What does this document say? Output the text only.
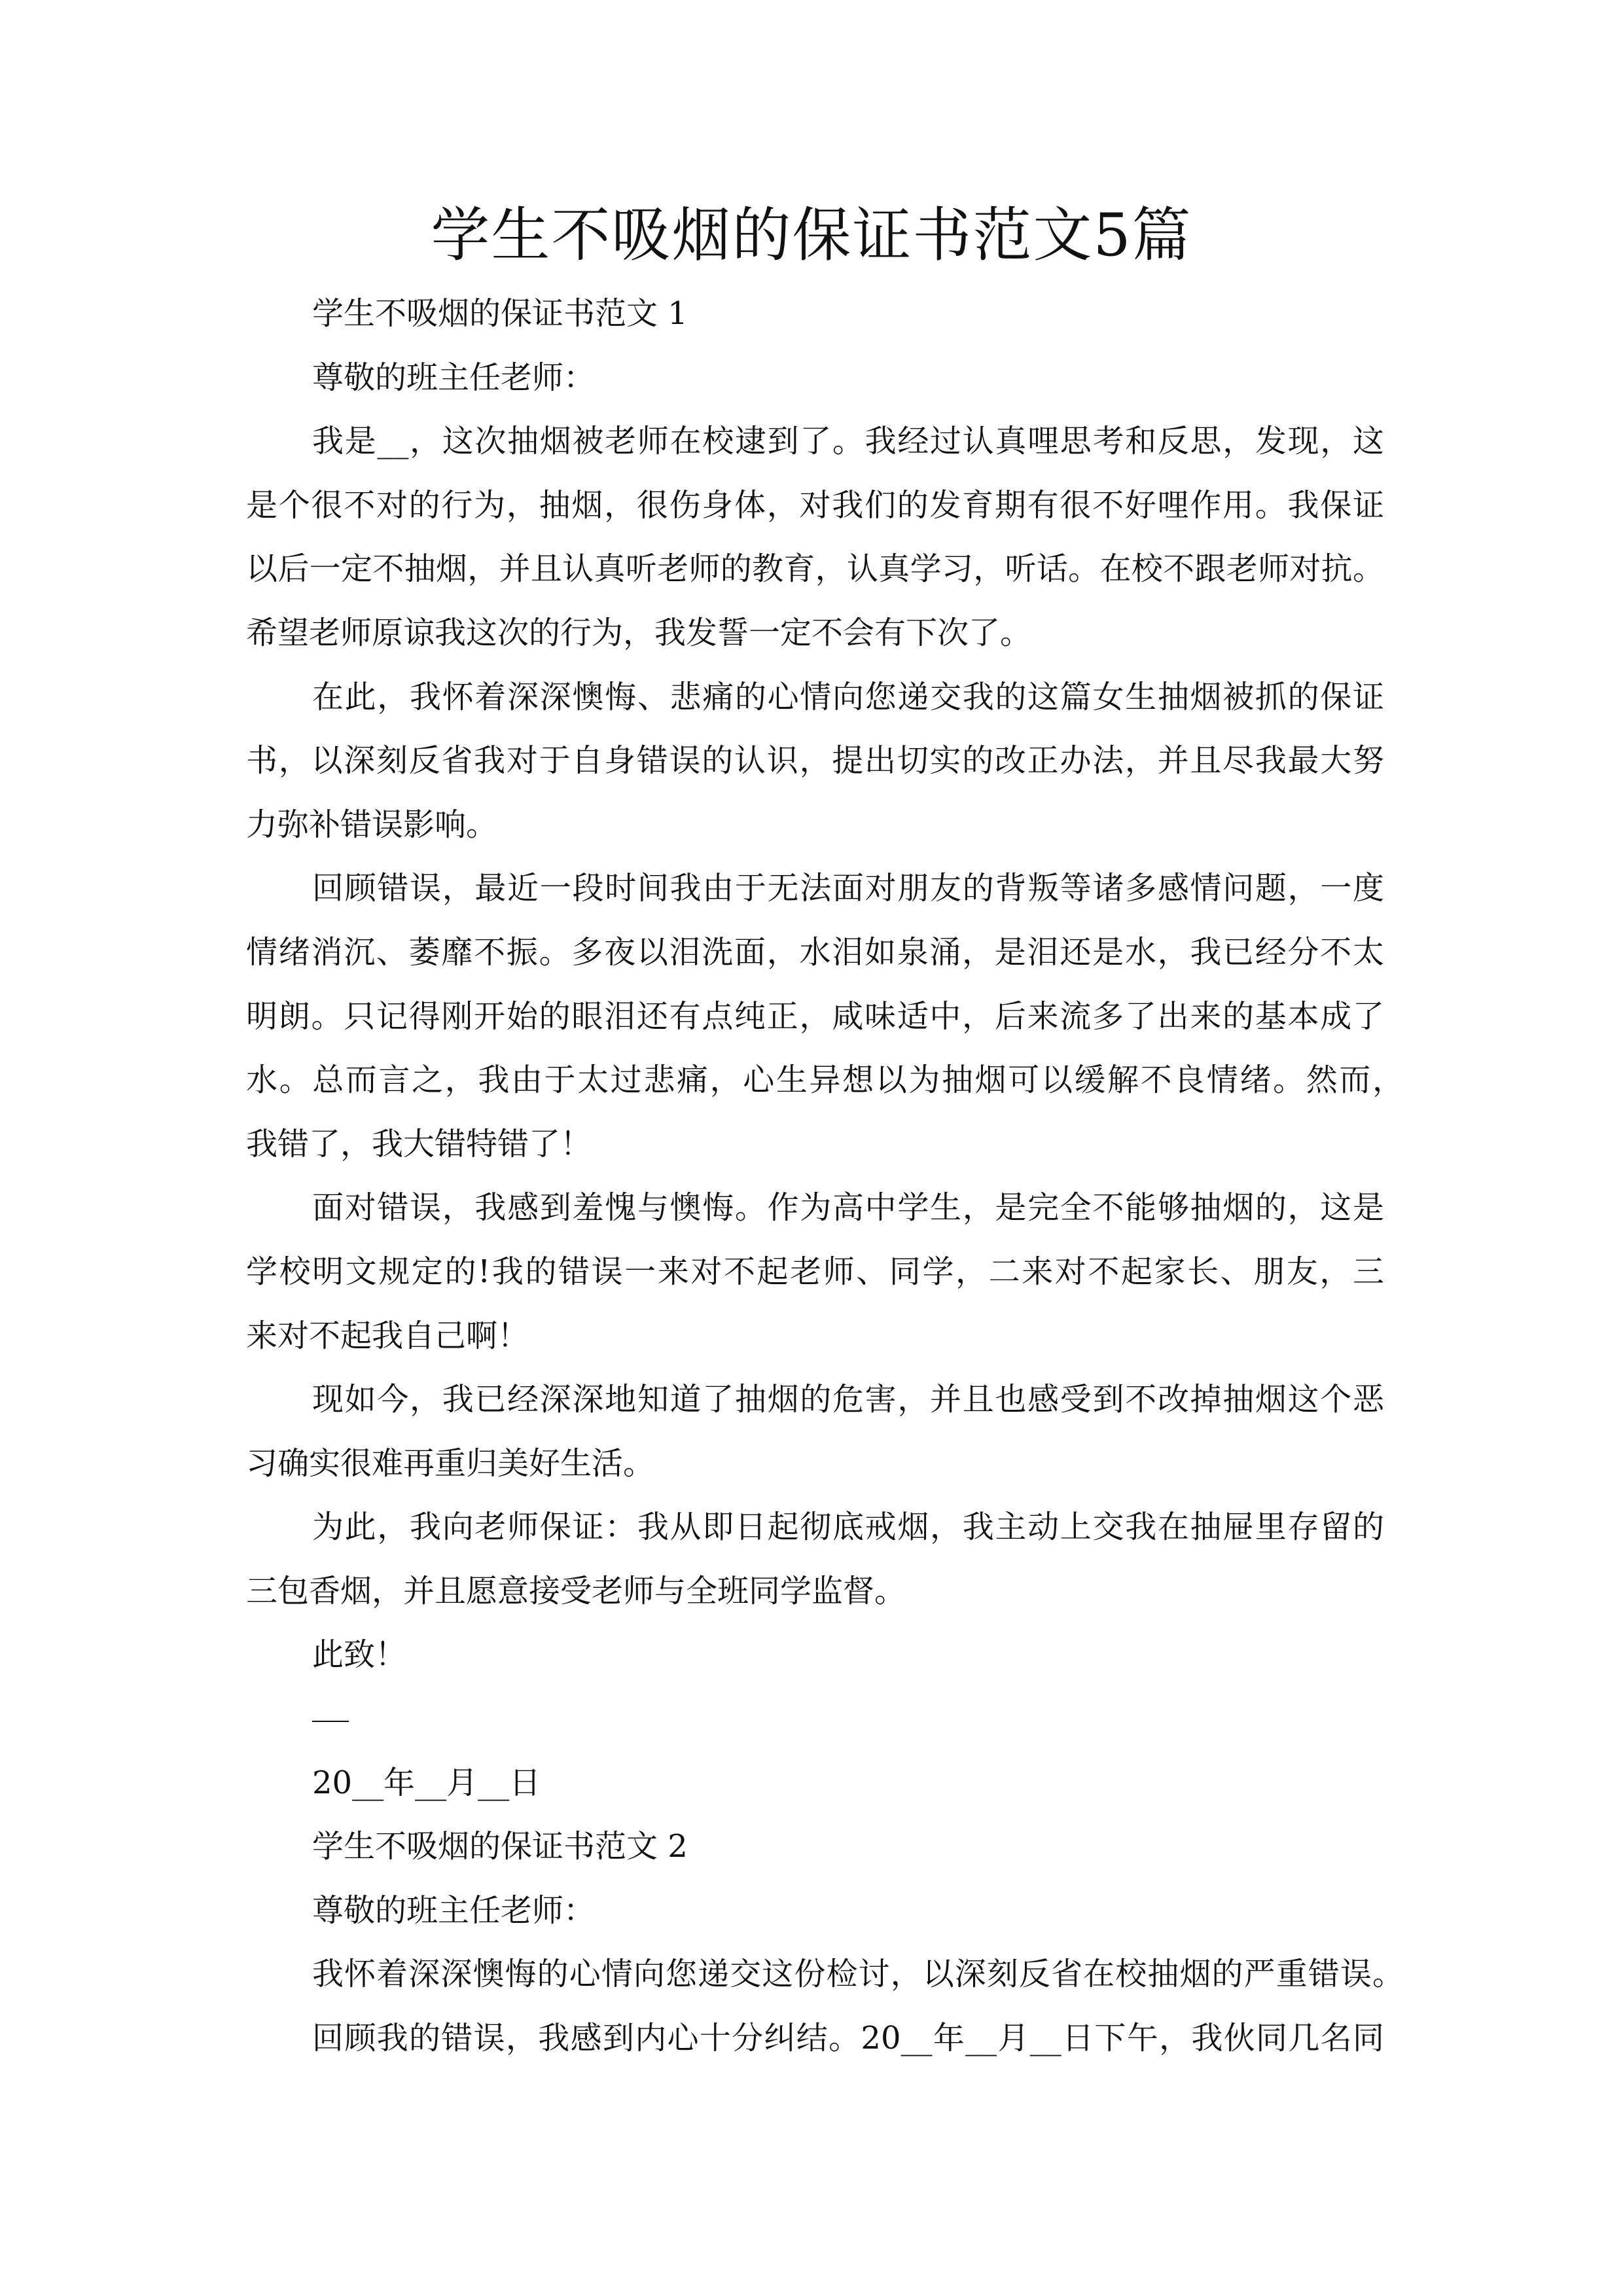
学生不吸烟的保证书范文5篇
学生不吸烟的保证书范文 1
尊敬的班主任老师：
我是__，这次抽烟被老师在校逮到了。我经过认真哩思考和反思，发现，这
是个很不对的行为，抽烟，很伤身体，对我们的发育期有很不好哩作用。我保证
以后一定不抽烟，并且认真听老师的教育，认真学习，听话。在校不跟老师对抗。
希望老师原谅我这次的行为，我发誓一定不会有下次了。
在此，我怀着深深懊悔、悲痛的心情向您递交我的这篇女生抽烟被抓的保证
书，以深刻反省我对于自身错误的认识，提出切实的改正办法，并且尽我最大努
力弥补错误影响。
回顾错误，最近一段时间我由于无法面对朋友的背叛等诸多感情问题，一度
情绪消沉、萎靡不振。多夜以泪洗面，水泪如泉涌，是泪还是水，我已经分不太
明朗。只记得刚开始的眼泪还有点纯正，咸味适中，后来流多了出来的基本成了
水。总而言之，我由于太过悲痛，心生异想以为抽烟可以缓解不良情绪。然而，
我错了，我大错特错了！
面对错误，我感到羞愧与懊悔。作为高中学生，是完全不能够抽烟的，这是
学校明文规定的!我的错误一来对不起老师、同学，二来对不起家长、朋友，三
来对不起我自己啊！
现如今，我已经深深地知道了抽烟的危害，并且也感受到不改掉抽烟这个恶
习确实很难再重归美好生活。
为此，我向老师保证：我从即日起彻底戒烟，我主动上交我在抽屉里存留的
三包香烟，并且愿意接受老师与全班同学监督。
此致！
20__年__月__日
学生不吸烟的保证书范文 2
尊敬的班主任老师：
我怀着深深懊悔的心情向您递交这份检讨，以深刻反省在校抽烟的严重错误。
回顾我的错误，我感到内心十分纠结。20__年__月__日下午，我伙同几名同
